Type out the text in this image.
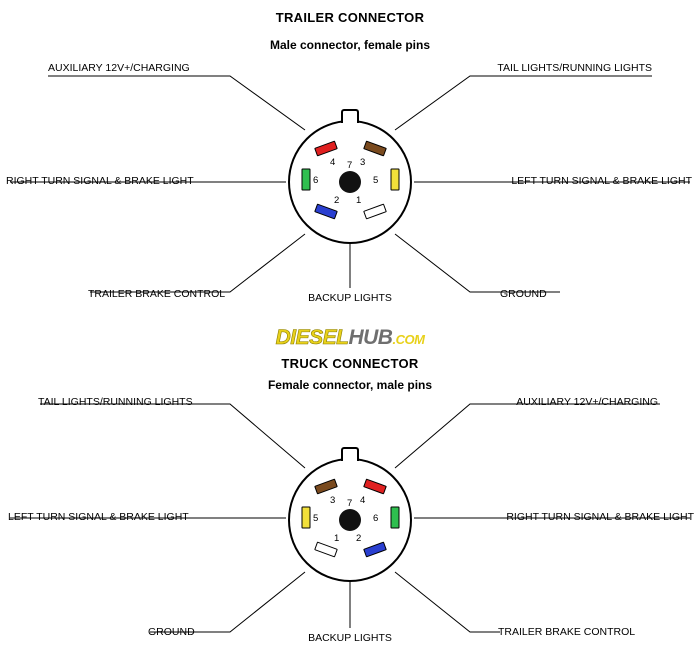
TRAILER CONNECTOR
Male connector, female pins
AUXILIARY 12V+/CHARGING	TAIL LIGHTS/RUNNING LIGHTS
RIGHT TURN SIGNAL & BRAKE LIGHT	LEFT TURN SIGNAL & BRAKE LIGHT
TRAILER BRAKE CONTROL	BACKUP LIGHTS	GROUND
4	3
6	5
2 1
7
DIESELHUB.COM
TRUCK CONNECTOR
Female connector, male pins
TAIL LIGHTS/RUNNING LIGHTS	AUXILIARY 12V+/CHARGING
LEFT TURN SIGNAL & BRAKE LIGHT	RIGHT TURN SIGNAL & BRAKE LIGHT
GROUND	BACKUP LIGHTS	TRAILER BRAKE CONTROL
3	4
5	6
1 2
7
